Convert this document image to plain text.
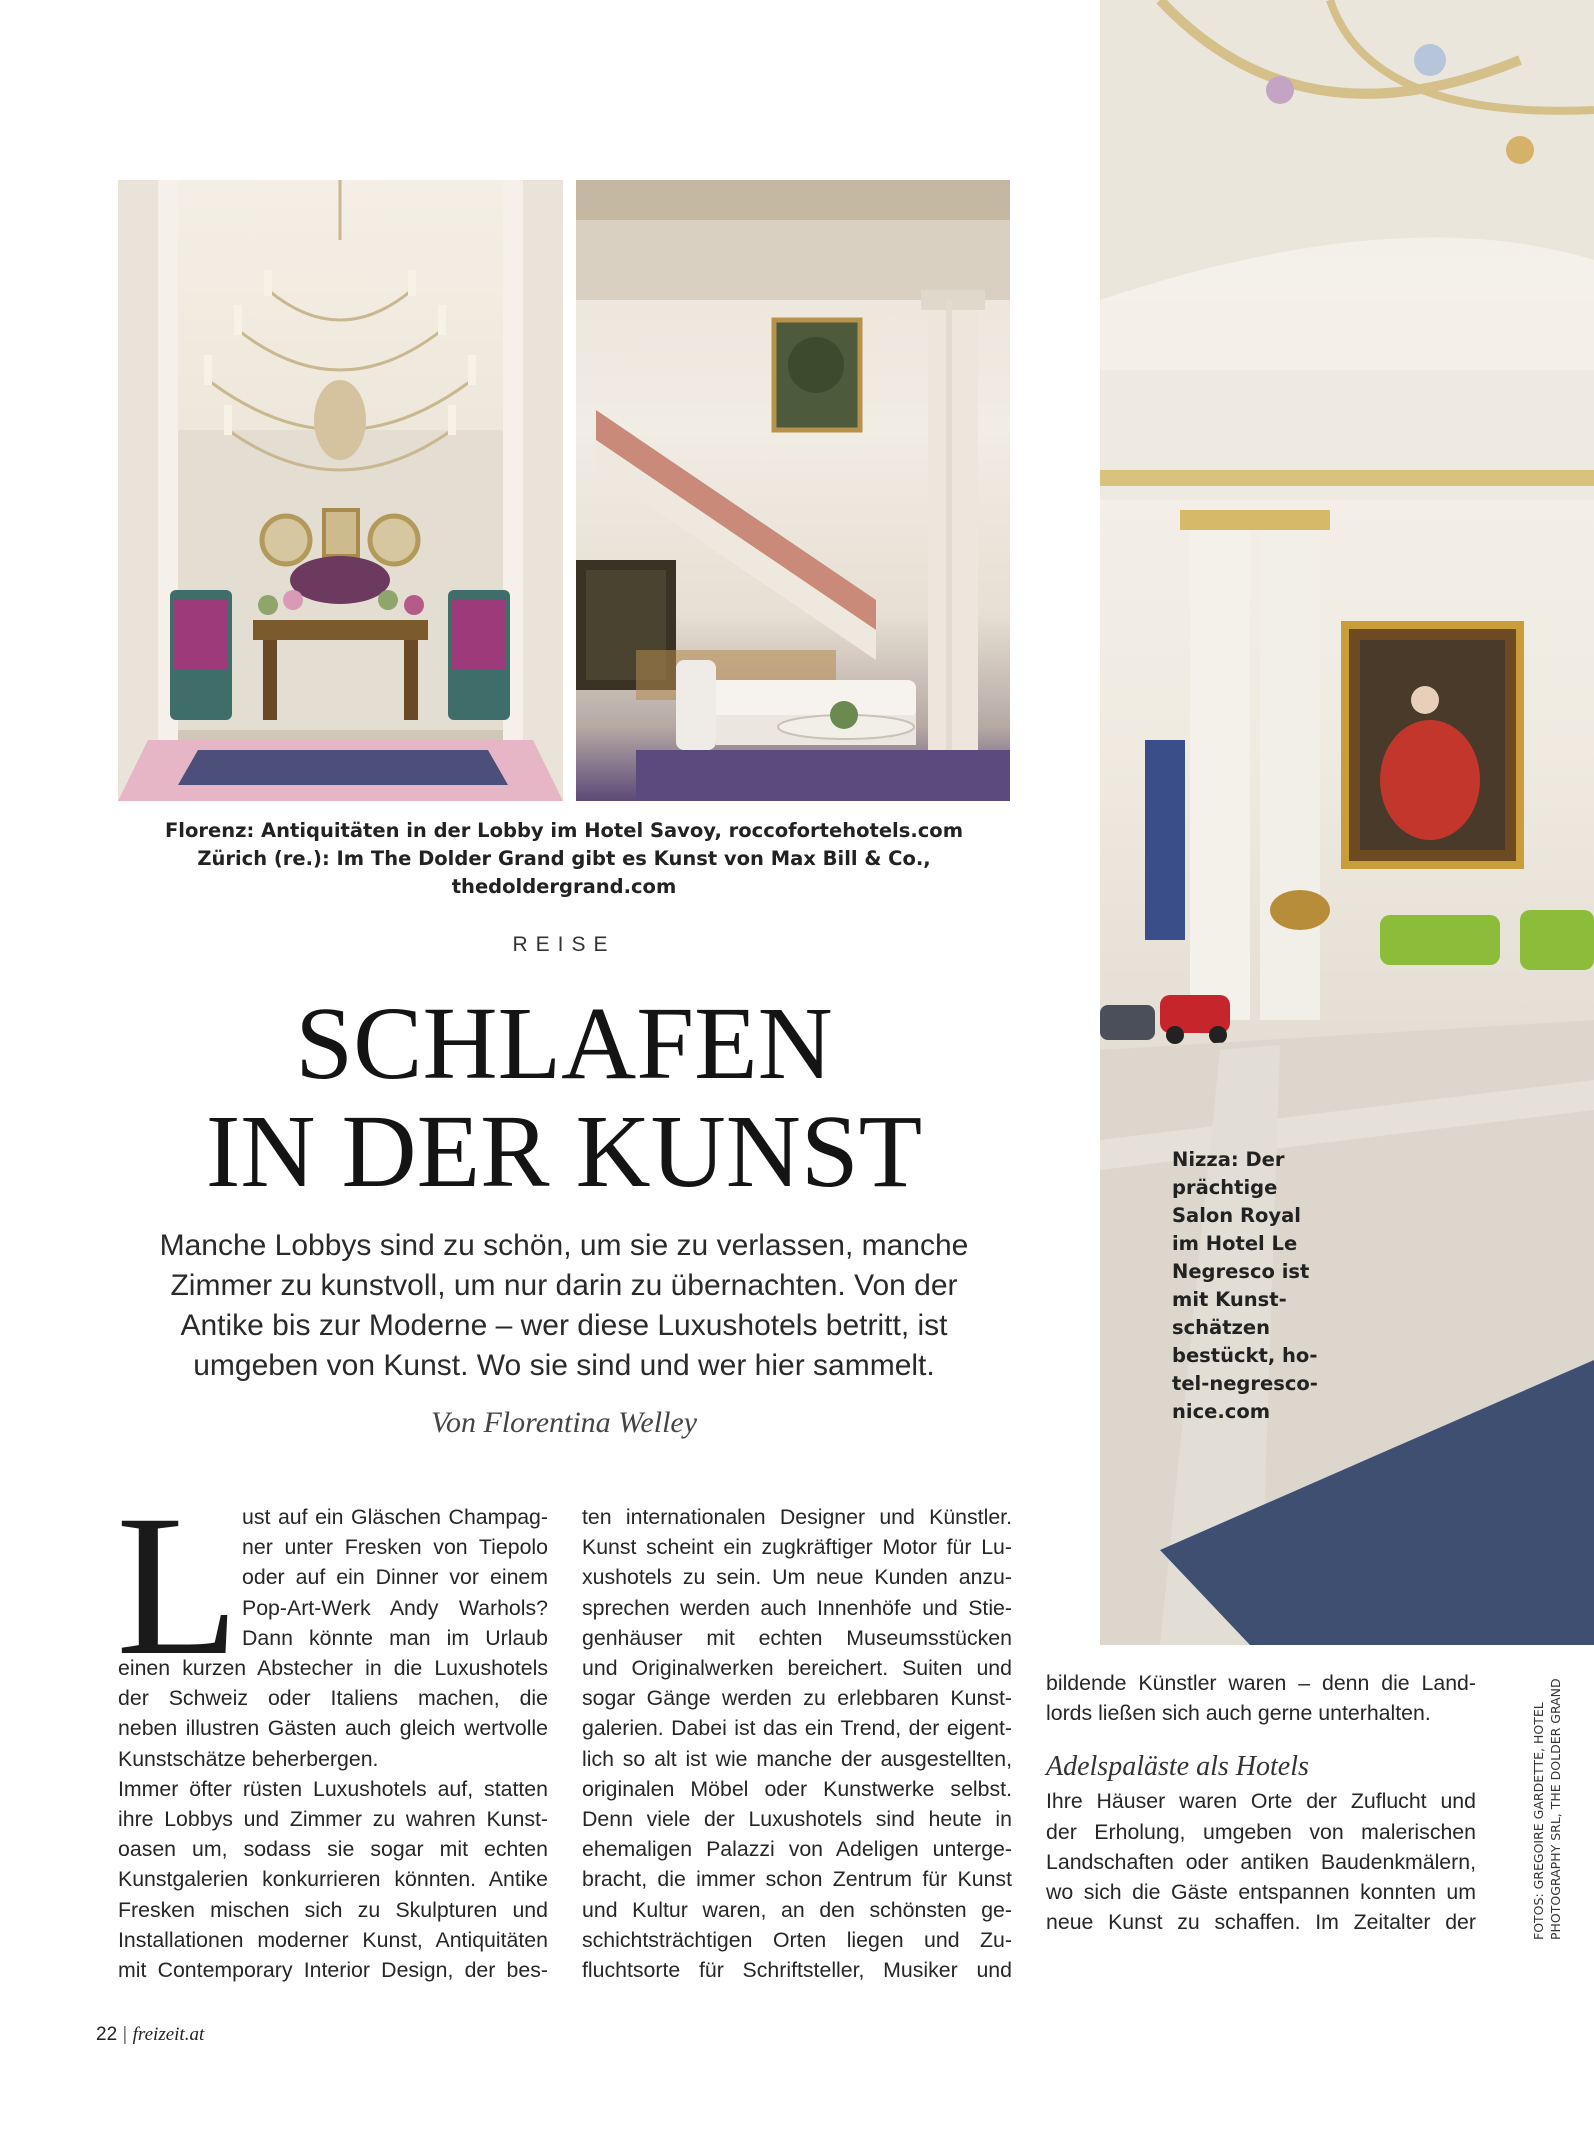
Florenz: Antiquitäten in der Lobby im Hotel Savoy, roccofortehotels.com
Zürich (re.): Im The Dolder Grand gibt es Kunst von Max Bill & Co., thedoldergrand.com
REISE
SCHLAFEN
IN DER KUNST
Manche Lobbys sind zu schön, um sie zu verlassen, manche
Zimmer zu kunstvoll, um nur darin zu übernachten. Von der
Antike bis zur Moderne – wer diese Luxushotels betritt, ist
umgeben von Kunst. Wo sie sind und wer hier sammelt.
Von Florentina Welley
L ust auf ein Gläschen Champag-
ner unter Fresken von Tiepolo
oder auf ein Dinner vor einem
Pop-Art-Werk Andy Warhols?
Dann könnte man im Urlaub
einen kurzen Abstecher in die Luxushotels
der Schweiz oder Italiens machen, die
neben illustren Gästen auch gleich wertvolle
Kunstschätze beherbergen.
Immer öfter rüsten Luxushotels auf, statten
ihre Lobbys und Zimmer zu wahren Kunst-
oasen um, sodass sie sogar mit echten
Kunstgalerien konkurrieren könnten. Antike
Fresken mischen sich zu Skulpturen und
Installationen moderner Kunst, Antiquitäten
mit Contemporary Interior Design, der bes-
ten internationalen Designer und Künstler.
Kunst scheint ein zugkräftiger Motor für Lu-
xushotels zu sein. Um neue Kunden anzu-
sprechen werden auch Innenhöfe und Stie-
genhäuser mit echten Museumsstücken
und Originalwerken bereichert. Suiten und
sogar Gänge werden zu erlebbaren Kunst-
galerien. Dabei ist das ein Trend, der eigent-
lich so alt ist wie manche der ausgestellten,
originalen Möbel oder Kunstwerke selbst.
Denn viele der Luxushotels sind heute in
ehemaligen Palazzi von Adeligen unterge-
bracht, die immer schon Zentrum für Kunst
und Kultur waren, an den schönsten ge-
schichtsträchtigen Orten liegen und Zu-
fluchtsorte für Schriftsteller, Musiker und
bildende Künstler waren – denn die Land-
lords ließen sich auch gerne unterhalten.
Adelspaläste als Hotels
Ihre Häuser waren Orte der Zuflucht und
der Erholung, umgeben von malerischen
Landschaften oder antiken Baudenkmälern,
wo sich die Gäste entspannen konnten um
neue Kunst zu schaffen. Im Zeitalter der
Nizza: Der
prächtige
Salon Royal
im Hotel Le
Negresco ist
mit Kunst-
schätzen
bestückt, ho-
tel-negresco-
nice.com
FOTOS: GREGOIRE GARDETTE, HOTEL PHOTOGRAPHY SRL, THE DOLDER GRAND
22 | freizeit.at
